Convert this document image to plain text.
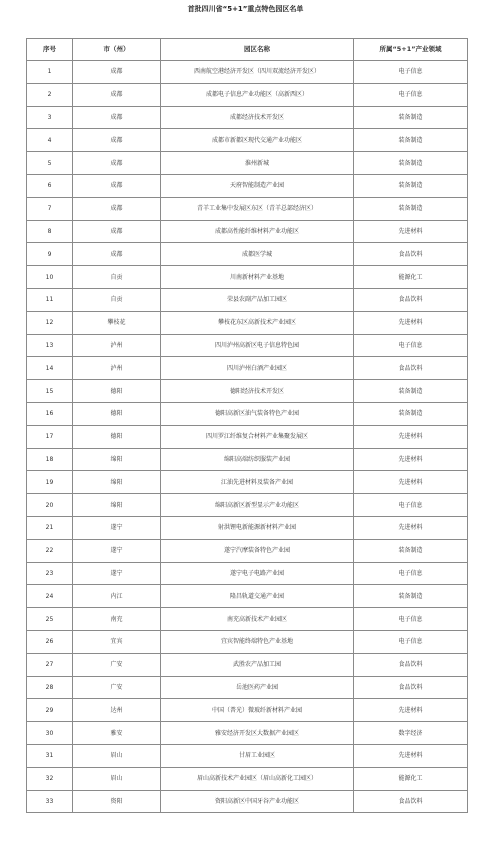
首批四川省“5+1”重点特色园区名单
序号	市（州）	园区名称	所属“5+1”产业领域
1	成都	西南航空港经济开发区（四川双流经济开发区）	电子信息
2	成都	成都电子信息产业功能区（高新西区）	电子信息
3	成都	成都经济技术开发区	装备制造
4	成都	成都市新都区现代交通产业功能区	装备制造
5	成都	淮州新城	装备制造
6	成都	天府智能制造产业园	装备制造
7	成都	青羊工业集中发展区东区（青羊总部经济区）	装备制造
8	成都	成都高性能纤维材料产业功能区	先进材料
9	成都	成都医学城	食品饮料
10	自贡	川南新材料产业基地	能源化工
11	自贡	荣县农副产品加工园区	食品饮料
12	攀枝花	攀枝花东区高新技术产业园区	先进材料
13	泸州	四川泸州高新区电子信息特色园	电子信息
14	泸州	四川泸州白酒产业园区	食品饮料
15	德阳	德阳经济技术开发区	装备制造
16	德阳	德阳高新区油气装备特色产业园	装备制造
17	德阳	四川罗江纤维复合材料产业集聚发展区	先进材料
18	绵阳	绵阳高端纺织服装产业园	先进材料
19	绵阳	江油先进材料及装备产业园	先进材料
20	绵阳	绵阳高新区新型显示产业功能区	电子信息
21	遂宁	射洪锂电新能源新材料产业园	先进材料
22	遂宁	遂宁汽摩装备特色产业园	装备制造
23	遂宁	遂宁电子电路产业园	电子信息
24	内江	隆昌轨道交通产业园	装备制造
25	南充	南充高新技术产业园区	电子信息
26	宜宾	宜宾智能终端特色产业基地	电子信息
27	广安	武胜农产品加工园	食品饮料
28	广安	岳池医药产业园	食品饮料
29	达州	中国（普光）微玻纤新材料产业园	先进材料
30	雅安	雅安经济开发区大数据产业园区	数字经济
31	眉山	甘眉工业园区	先进材料
32	眉山	眉山高新技术产业园区（眉山高新化工园区）	能源化工
33	资阳	资阳高新区中国牙谷产业功能区	食品饮料
